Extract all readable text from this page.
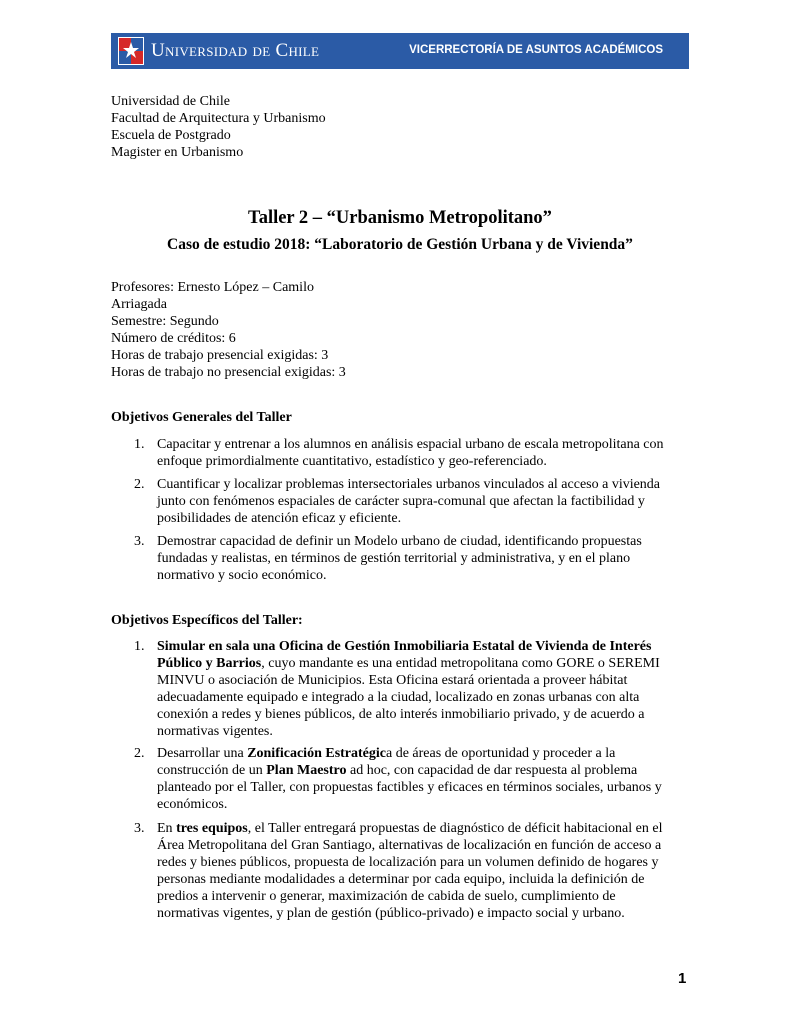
Universidad de Chile	VICERRECTORÍA DE ASUNTOS ACADÉMICOS
Universidad de Chile
Facultad de Arquitectura y Urbanismo
Escuela de Postgrado
Magister en Urbanismo
Taller 2 – “Urbanismo Metropolitano”
Caso de estudio 2018: “Laboratorio de Gestión Urbana y de Vivienda”
Profesores: Ernesto López – Camilo
Arriagada
Semestre: Segundo
Número de créditos: 6
Horas de trabajo presencial exigidas: 3
Horas de trabajo no presencial exigidas: 3
Objetivos Generales del Taller
1. Capacitar y entrenar a los alumnos en análisis espacial urbano de escala metropolitana con
enfoque primordialmente cuantitativo, estadístico y geo-referenciado.
2. Cuantificar y localizar problemas intersectoriales urbanos vinculados al acceso a vivienda
junto con fenómenos espaciales de carácter supra-comunal que afectan la factibilidad y
posibilidades de atención eficaz y eficiente.
3. Demostrar capacidad de definir un Modelo urbano de ciudad, identificando propuestas
fundadas y realistas, en términos de gestión territorial y administrativa, y en el plano
normativo y socio económico.
Objetivos Específicos del Taller:
1. Simular en sala una Oficina de Gestión Inmobiliaria Estatal de Vivienda de Interés
Público y Barrios, cuyo mandante es una entidad metropolitana como GORE o SEREMI
MINVU o asociación de Municipios. Esta Oficina estará orientada a proveer hábitat
adecuadamente equipado e integrado a la ciudad, localizado en zonas urbanas con alta
conexión a redes y bienes públicos, de alto interés inmobiliario privado, y de acuerdo a
normativas vigentes.
2. Desarrollar una Zonificación Estratégica de áreas de oportunidad y proceder a la
construcción de un Plan Maestro ad hoc, con capacidad de dar respuesta al problema
planteado por el Taller, con propuestas factibles y eficaces en términos sociales, urbanos y
económicos.
3. En tres equipos, el Taller entregará propuestas de diagnóstico de déficit habitacional en el
Área Metropolitana del Gran Santiago, alternativas de localización en función de acceso a
redes y bienes públicos, propuesta de localización para un volumen definido de hogares y
personas mediante modalidades a determinar por cada equipo, incluida la definición de
predios a intervenir o generar, maximización de cabida de suelo, cumplimiento de
normativas vigentes, y plan de gestión (público-privado) e impacto social y urbano.
1
